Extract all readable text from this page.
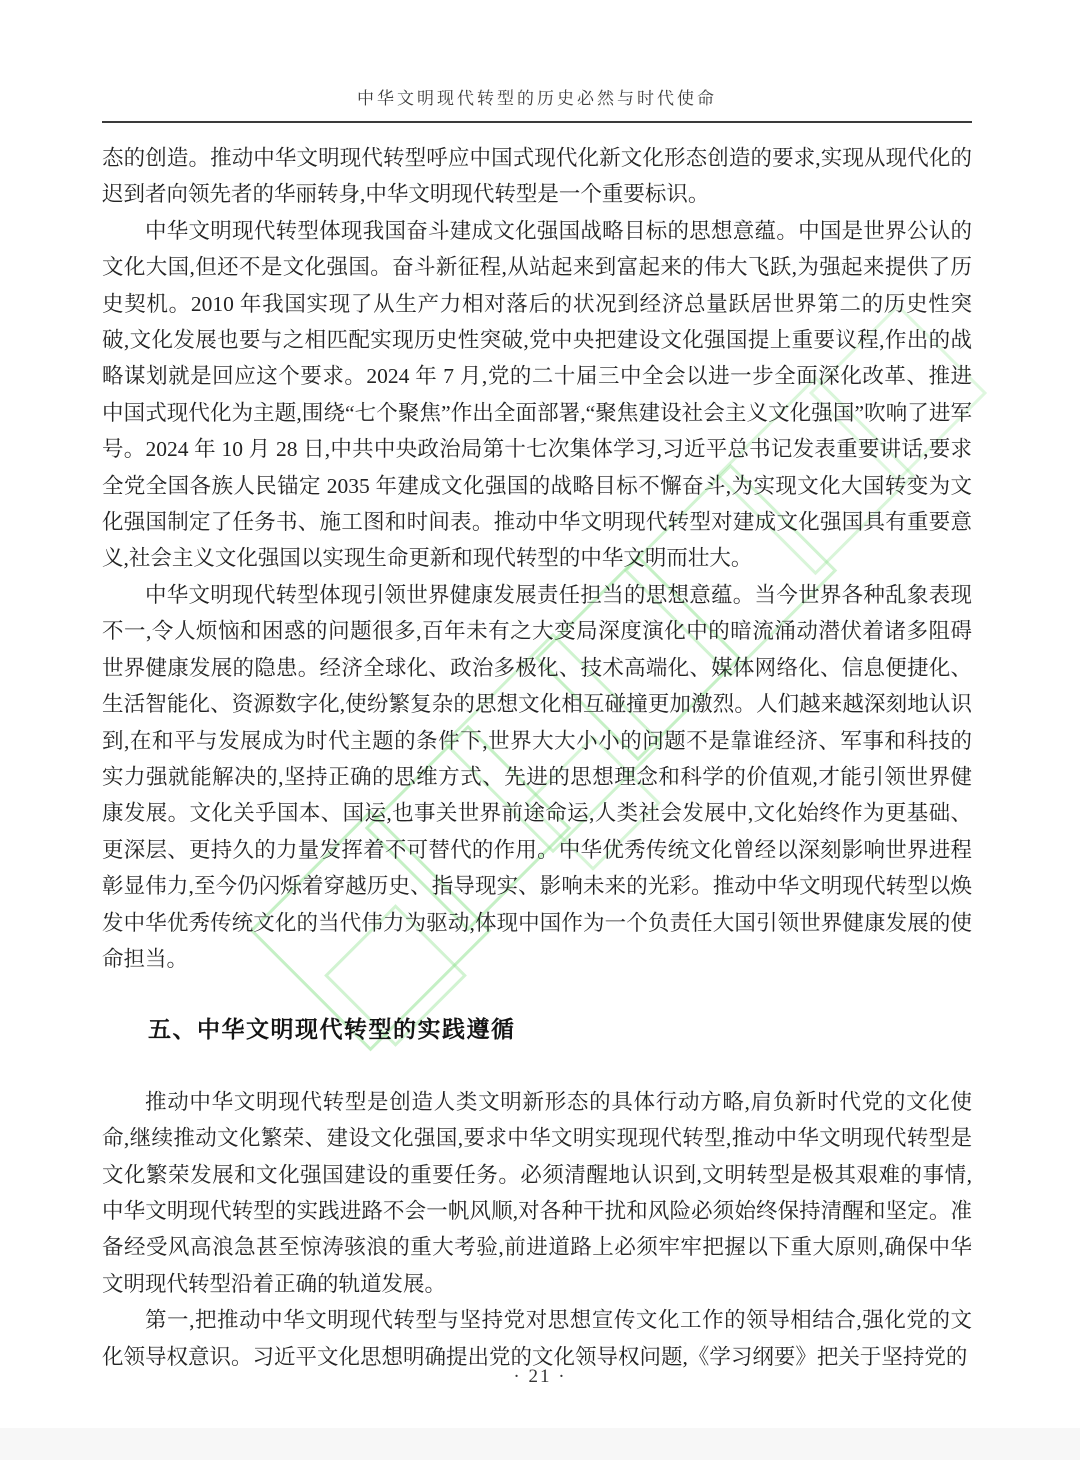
中华文明现代转型的历史必然与时代使命

态的创造。推动中华文明现代转型呼应中国式现代化新文化形态创造的要求,实现从现代化的迟到者向领先者的华丽转身,中华文明现代转型是一个重要标识。

中华文明现代转型体现我国奋斗建成文化强国战略目标的思想意蕴。中国是世界公认的文化大国,但还不是文化强国。奋斗新征程,从站起来到富起来的伟大飞跃,为强起来提供了历史契机。2010 年我国实现了从生产力相对落后的状况到经济总量跃居世界第二的历史性突破,文化发展也要与之相匹配实现历史性突破,党中央把建设文化强国提上重要议程,作出的战略谋划就是回应这个要求。2024 年 7 月,党的二十届三中全会以进一步全面深化改革、推进中国式现代化为主题,围绕“七个聚焦”作出全面部署,“聚焦建设社会主义文化强国”吹响了进军号。2024 年 10 月 28 日,中共中央政治局第十七次集体学习,习近平总书记发表重要讲话,要求全党全国各族人民锚定 2035 年建成文化强国的战略目标不懈奋斗,为实现文化大国转变为文化强国制定了任务书、施工图和时间表。推动中华文明现代转型对建成文化强国具有重要意义,社会主义文化强国以实现生命更新和现代转型的中华文明而壮大。

中华文明现代转型体现引领世界健康发展责任担当的思想意蕴。当今世界各种乱象表现不一,令人烦恼和困惑的问题很多,百年未有之大变局深度演化中的暗流涌动潜伏着诸多阻碍世界健康发展的隐患。经济全球化、政治多极化、技术高端化、媒体网络化、信息便捷化、生活智能化、资源数字化,使纷繁复杂的思想文化相互碰撞更加激烈。人们越来越深刻地认识到,在和平与发展成为时代主题的条件下,世界大大小小的问题不是靠谁经济、军事和科技的实力强就能解决的,坚持正确的思维方式、先进的思想理念和科学的价值观,才能引领世界健康发展。文化关乎国本、国运,也事关世界前途命运,人类社会发展中,文化始终作为更基础、更深层、更持久的力量发挥着不可替代的作用。中华优秀传统文化曾经以深刻影响世界进程彰显伟力,至今仍闪烁着穿越历史、指导现实、影响未来的光彩。推动中华文明现代转型以焕发中华优秀传统文化的当代伟力为驱动,体现中国作为一个负责任大国引领世界健康发展的使命担当。

五、中华文明现代转型的实践遵循

推动中华文明现代转型是创造人类文明新形态的具体行动方略,肩负新时代党的文化使命,继续推动文化繁荣、建设文化强国,要求中华文明实现现代转型,推动中华文明现代转型是文化繁荣发展和文化强国建设的重要任务。必须清醒地认识到,文明转型是极其艰难的事情,中华文明现代转型的实践进路不会一帆风顺,对各种干扰和风险必须始终保持清醒和坚定。准备经受风高浪急甚至惊涛骇浪的重大考验,前进道路上必须牢牢把握以下重大原则,确保中华文明现代转型沿着正确的轨道发展。

第一,把推动中华文明现代转型与坚持党对思想宣传文化工作的领导相结合,强化党的文化领导权意识。习近平文化思想明确提出党的文化领导权问题,《学习纲要》把关于坚持党的

· 21 ·
